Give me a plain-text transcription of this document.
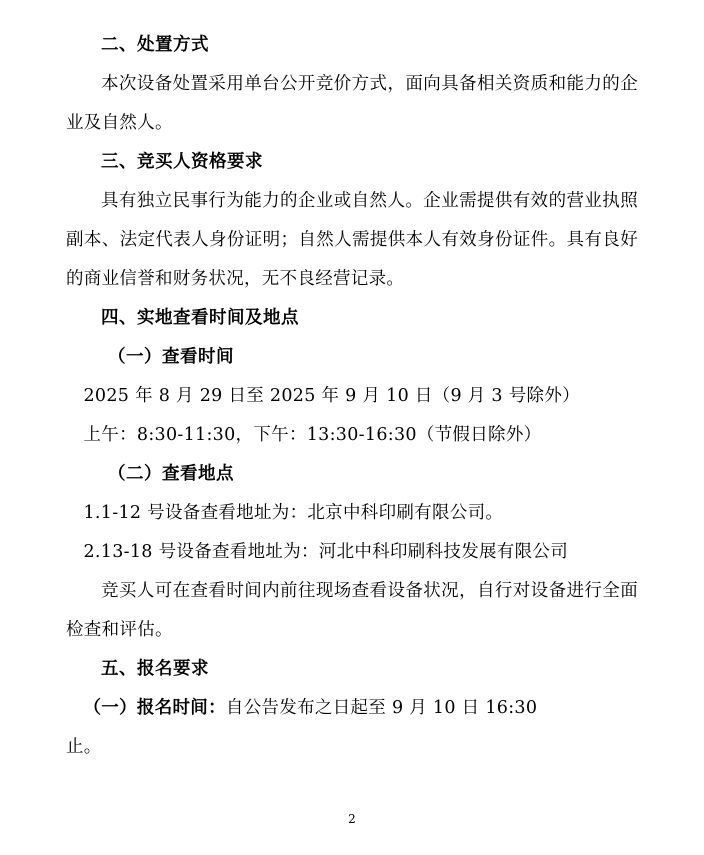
二、处置方式

本次设备处置采用单台公开竞价方式，面向具备相关资质和能力的企业及自然人。

三、竞买人资格要求

具有独立民事行为能力的企业或自然人。企业需提供有效的营业执照副本、法定代表人身份证明；自然人需提供本人有效身份证件。具有良好的商业信誉和财务状况，无不良经营记录。

四、实地查看时间及地点

（一）查看时间

2025 年 8 月 29 日至 2025 年 9 月 10 日（9 月 3 号除外）

上午：8:30-11:30，下午：13:30-16:30（节假日除外）

（二）查看地点

1.1-12 号设备查看地址为：北京中科印刷有限公司。

2.13-18 号设备查看地址为：河北中科印刷科技发展有限公司

竞买人可在查看时间内前往现场查看设备状况，自行对设备进行全面检查和评估。

五、报名要求

（一）报名时间：自公告发布之日起至 9 月 10 日 16:30

止。

2
